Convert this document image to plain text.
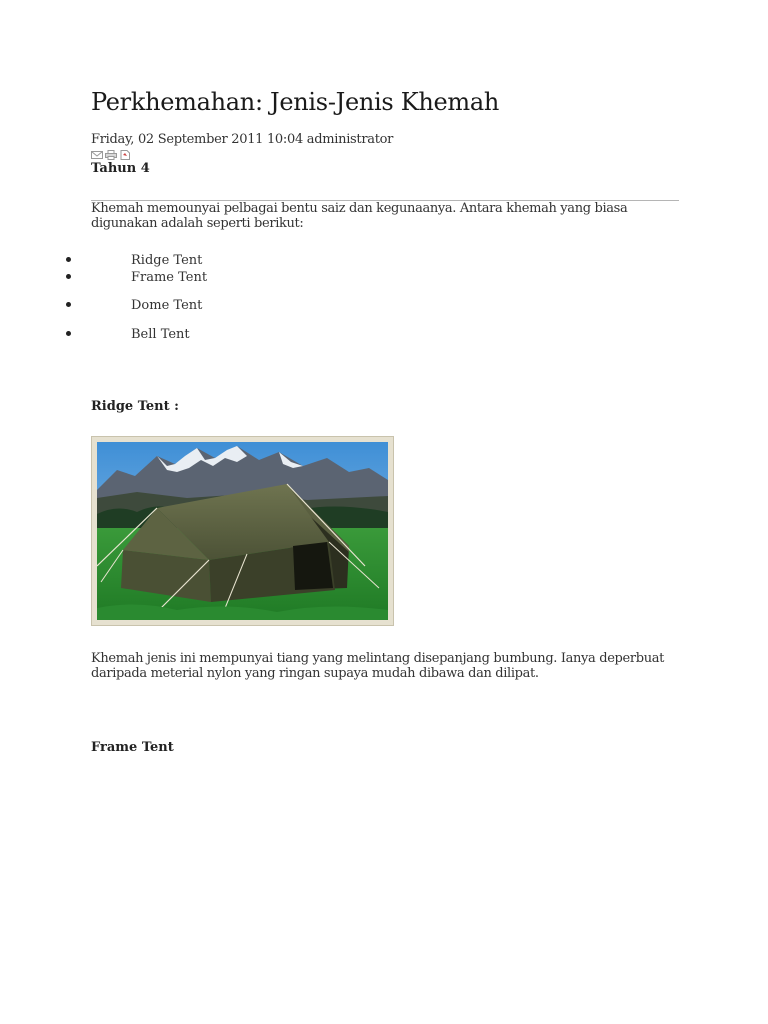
Perkhemahan: Jenis-Jenis Khemah
Friday, 02 September 2011 10:04 administrator
Tahun 4

Khemah memounyai pelbagai bentu saiz dan kegunaanya. Antara khemah yang biasa digunakan adalah seperti berikut:

Ridge Tent
Frame Tent
Dome Tent
Bell Tent
Ridge Tent :

Khemah jenis ini mempunyai tiang yang melintang disepanjang bumbung. Ianya deperbuat daripada meterial nylon yang ringan supaya mudah dibawa dan dilipat.

Frame Tent
